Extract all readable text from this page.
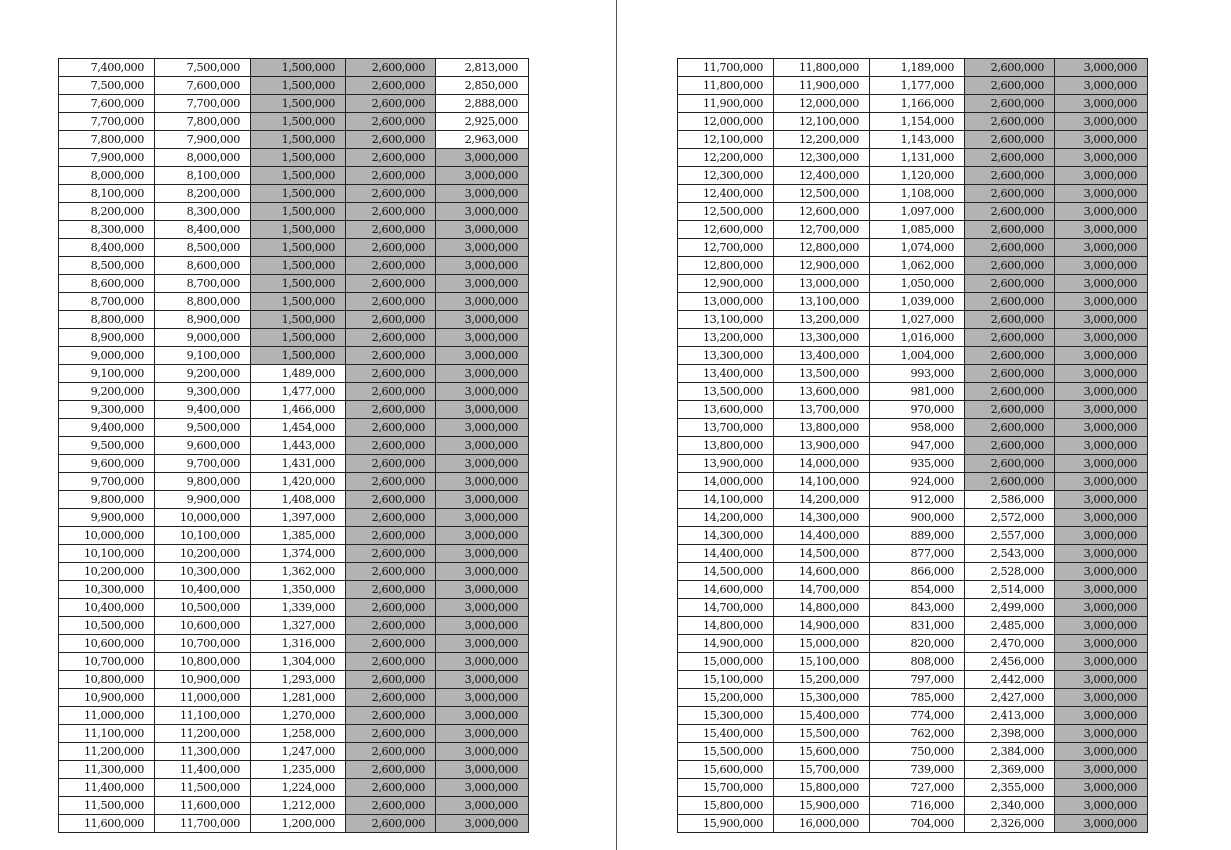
7,400,000	7,500,000	1,500,000	2,600,000	2,813,000
7,500,000	7,600,000	1,500,000	2,600,000	2,850,000
7,600,000	7,700,000	1,500,000	2,600,000	2,888,000
7,700,000	7,800,000	1,500,000	2,600,000	2,925,000
7,800,000	7,900,000	1,500,000	2,600,000	2,963,000
7,900,000	8,000,000	1,500,000	2,600,000	3,000,000
8,000,000	8,100,000	1,500,000	2,600,000	3,000,000
8,100,000	8,200,000	1,500,000	2,600,000	3,000,000
8,200,000	8,300,000	1,500,000	2,600,000	3,000,000
8,300,000	8,400,000	1,500,000	2,600,000	3,000,000
8,400,000	8,500,000	1,500,000	2,600,000	3,000,000
8,500,000	8,600,000	1,500,000	2,600,000	3,000,000
8,600,000	8,700,000	1,500,000	2,600,000	3,000,000
8,700,000	8,800,000	1,500,000	2,600,000	3,000,000
8,800,000	8,900,000	1,500,000	2,600,000	3,000,000
8,900,000	9,000,000	1,500,000	2,600,000	3,000,000
9,000,000	9,100,000	1,500,000	2,600,000	3,000,000
9,100,000	9,200,000	1,489,000	2,600,000	3,000,000
9,200,000	9,300,000	1,477,000	2,600,000	3,000,000
9,300,000	9,400,000	1,466,000	2,600,000	3,000,000
9,400,000	9,500,000	1,454,000	2,600,000	3,000,000
9,500,000	9,600,000	1,443,000	2,600,000	3,000,000
9,600,000	9,700,000	1,431,000	2,600,000	3,000,000
9,700,000	9,800,000	1,420,000	2,600,000	3,000,000
9,800,000	9,900,000	1,408,000	2,600,000	3,000,000
9,900,000	10,000,000	1,397,000	2,600,000	3,000,000
10,000,000	10,100,000	1,385,000	2,600,000	3,000,000
10,100,000	10,200,000	1,374,000	2,600,000	3,000,000
10,200,000	10,300,000	1,362,000	2,600,000	3,000,000
10,300,000	10,400,000	1,350,000	2,600,000	3,000,000
10,400,000	10,500,000	1,339,000	2,600,000	3,000,000
10,500,000	10,600,000	1,327,000	2,600,000	3,000,000
10,600,000	10,700,000	1,316,000	2,600,000	3,000,000
10,700,000	10,800,000	1,304,000	2,600,000	3,000,000
10,800,000	10,900,000	1,293,000	2,600,000	3,000,000
10,900,000	11,000,000	1,281,000	2,600,000	3,000,000
11,000,000	11,100,000	1,270,000	2,600,000	3,000,000
11,100,000	11,200,000	1,258,000	2,600,000	3,000,000
11,200,000	11,300,000	1,247,000	2,600,000	3,000,000
11,300,000	11,400,000	1,235,000	2,600,000	3,000,000
11,400,000	11,500,000	1,224,000	2,600,000	3,000,000
11,500,000	11,600,000	1,212,000	2,600,000	3,000,000
11,600,000	11,700,000	1,200,000	2,600,000	3,000,000
11,700,000	11,800,000	1,189,000	2,600,000	3,000,000
11,800,000	11,900,000	1,177,000	2,600,000	3,000,000
11,900,000	12,000,000	1,166,000	2,600,000	3,000,000
12,000,000	12,100,000	1,154,000	2,600,000	3,000,000
12,100,000	12,200,000	1,143,000	2,600,000	3,000,000
12,200,000	12,300,000	1,131,000	2,600,000	3,000,000
12,300,000	12,400,000	1,120,000	2,600,000	3,000,000
12,400,000	12,500,000	1,108,000	2,600,000	3,000,000
12,500,000	12,600,000	1,097,000	2,600,000	3,000,000
12,600,000	12,700,000	1,085,000	2,600,000	3,000,000
12,700,000	12,800,000	1,074,000	2,600,000	3,000,000
12,800,000	12,900,000	1,062,000	2,600,000	3,000,000
12,900,000	13,000,000	1,050,000	2,600,000	3,000,000
13,000,000	13,100,000	1,039,000	2,600,000	3,000,000
13,100,000	13,200,000	1,027,000	2,600,000	3,000,000
13,200,000	13,300,000	1,016,000	2,600,000	3,000,000
13,300,000	13,400,000	1,004,000	2,600,000	3,000,000
13,400,000	13,500,000	993,000	2,600,000	3,000,000
13,500,000	13,600,000	981,000	2,600,000	3,000,000
13,600,000	13,700,000	970,000	2,600,000	3,000,000
13,700,000	13,800,000	958,000	2,600,000	3,000,000
13,800,000	13,900,000	947,000	2,600,000	3,000,000
13,900,000	14,000,000	935,000	2,600,000	3,000,000
14,000,000	14,100,000	924,000	2,600,000	3,000,000
14,100,000	14,200,000	912,000	2,586,000	3,000,000
14,200,000	14,300,000	900,000	2,572,000	3,000,000
14,300,000	14,400,000	889,000	2,557,000	3,000,000
14,400,000	14,500,000	877,000	2,543,000	3,000,000
14,500,000	14,600,000	866,000	2,528,000	3,000,000
14,600,000	14,700,000	854,000	2,514,000	3,000,000
14,700,000	14,800,000	843,000	2,499,000	3,000,000
14,800,000	14,900,000	831,000	2,485,000	3,000,000
14,900,000	15,000,000	820,000	2,470,000	3,000,000
15,000,000	15,100,000	808,000	2,456,000	3,000,000
15,100,000	15,200,000	797,000	2,442,000	3,000,000
15,200,000	15,300,000	785,000	2,427,000	3,000,000
15,300,000	15,400,000	774,000	2,413,000	3,000,000
15,400,000	15,500,000	762,000	2,398,000	3,000,000
15,500,000	15,600,000	750,000	2,384,000	3,000,000
15,600,000	15,700,000	739,000	2,369,000	3,000,000
15,700,000	15,800,000	727,000	2,355,000	3,000,000
15,800,000	15,900,000	716,000	2,340,000	3,000,000
15,900,000	16,000,000	704,000	2,326,000	3,000,000
